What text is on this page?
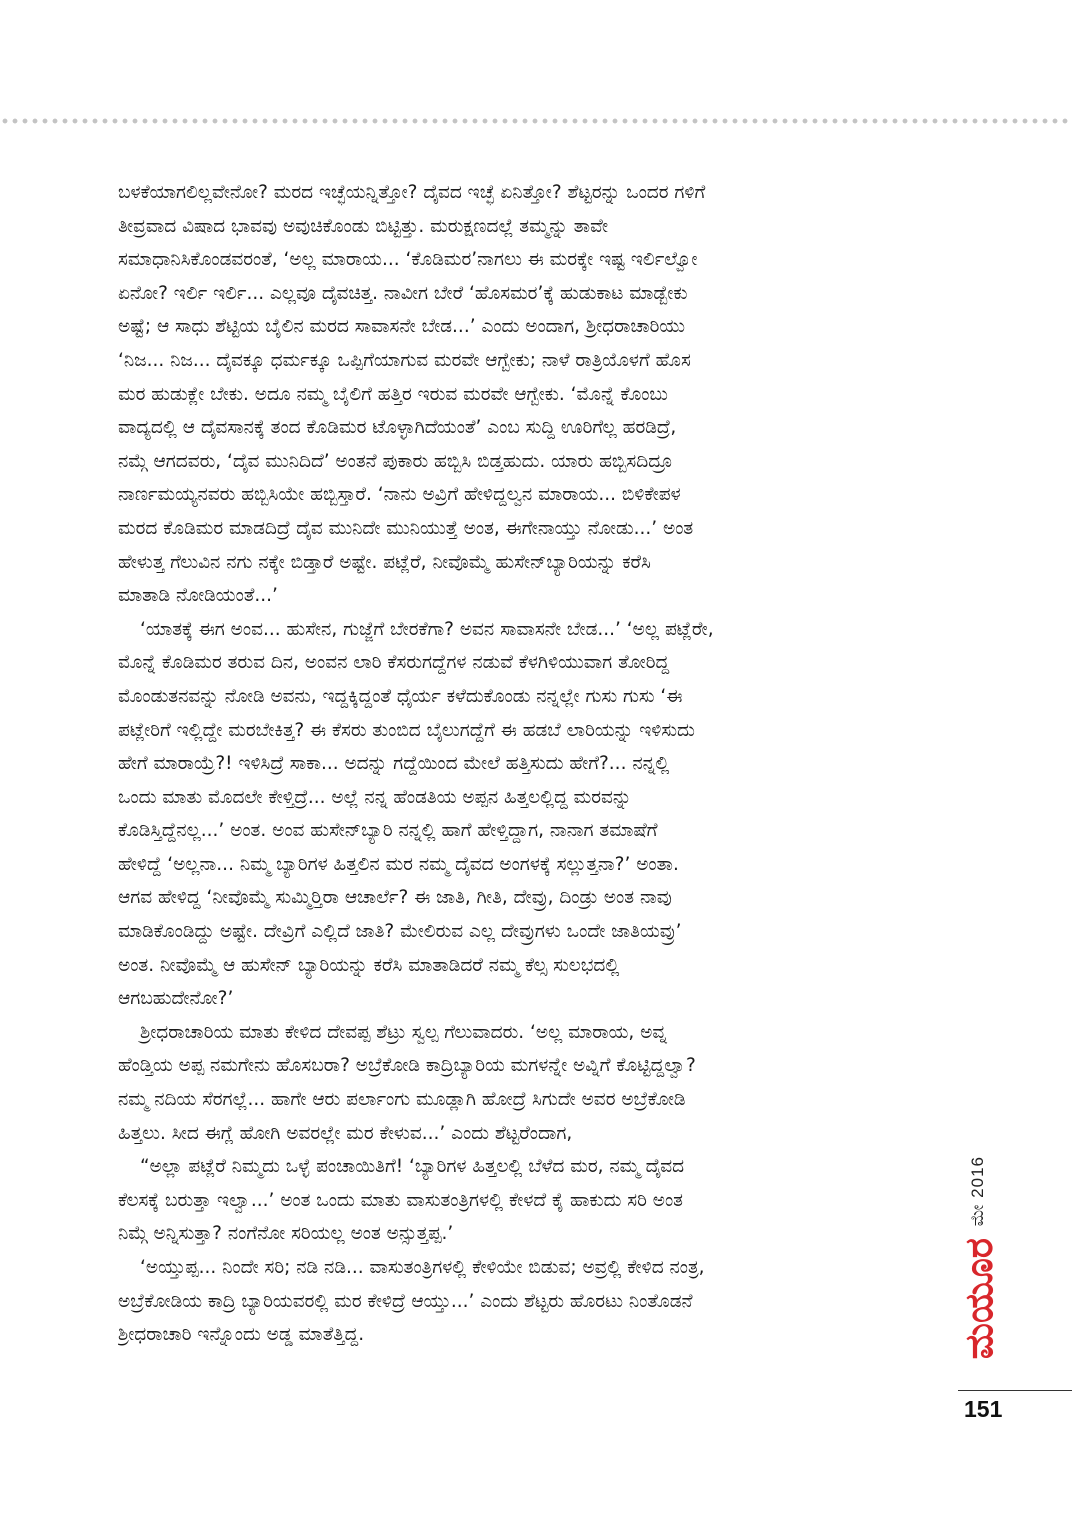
ಬಳಕೆಯಾಗಲಿಲ್ಲವೇನೋ? ಮರದ ಇಚ್ಛೆಯನ್ನಿತ್ತೋ? ದೈವದ ಇಚ್ಛೆ ಏನಿತ್ತೋ? ಶೆಟ್ಟರನ್ನು ಒಂದರ ಗಳಿಗೆ
ತೀವ್ರವಾದ ವಿಷಾದ ಭಾವವು ಅವುಚಿಕೊಂಡು ಬಿಟ್ಟಿತ್ತು. ಮರುಕ್ಷಣದಲ್ಲೆ ತಮ್ಮನ್ನು ತಾವೇ
ಸಮಾಧಾನಿಸಿಕೊಂಡವರಂತೆ, ‘ಅಲ್ಲ ಮಾರಾಯ... ‘ಕೊಡಿಮರ’ನಾಗಲು ಈ ಮರಕ್ಕೇ ಇಷ್ಟ ಇರ್ಲಿಲ್ವೋ
ಏನೋ? ಇರ್ಲಿ ಇರ್ಲಿ... ಎಲ್ಲವೂ ದೈವಚಿತ್ತ. ನಾವೀಗ ಬೇರೆ ‘ಹೊಸಮರ’ಕ್ಕೆ ಹುಡುಕಾಟ ಮಾಡ್ಬೇಕು
ಅಷ್ಟೆ; ಆ ಸಾಧು ಶೆಟ್ಟಿಯ ಬೈಲಿನ ಮರದ ಸಾವಾಸನೇ ಬೇಡ...’ ಎಂದು ಅಂದಾಗ, ಶ್ರೀಧರಾಚಾರಿಯು
‘ನಿಜ... ನಿಜ... ದೈವಕ್ಕೂ ಧರ್ಮಕ್ಕೂ ಒಪ್ಪಿಗೆಯಾಗುವ ಮರವೇ ಆಗ್ಬೇಕು; ನಾಳೆ ರಾತ್ರಿಯೊಳಗೆ ಹೊಸ
ಮರ ಹುಡುಕ್ಲೇ ಬೇಕು. ಅದೂ ನಮ್ಮ ಬೈಲಿಗೆ ಹತ್ತಿರ ಇರುವ ಮರವೇ ಆಗ್ಬೇಕು. ‘ಮೊನ್ನೆ ಕೊಂಬು
ವಾದ್ಯದಲ್ಲಿ ಆ ದೈವಸಾನಕ್ಕೆ ತಂದ ಕೊಡಿಮರ ಟೊಳ್ಳಾಗಿದೆಯಂತೆ’ ಎಂಬ ಸುದ್ದಿ ಊರಿಗೆಲ್ಲ ಹರಡಿದ್ರೆ,
ನಮ್ಗೆ ಆಗದವರು, ‘ದೈವ ಮುನಿದಿದೆ’ ಅಂತನೆ ಪುಕಾರು ಹಬ್ಬಿಸಿ ಬಿಡ್ತಹುದು. ಯಾರು ಹಬ್ಬಿಸದಿದ್ರೂ
ನಾರ್ಣಮಯ್ಯನವರು ಹಬ್ಬಿಸಿಯೇ ಹಬ್ಬಿಸ್ತಾರೆ. ‘ನಾನು ಅವ್ರಿಗೆ ಹೇಳಿದ್ದಲ್ವನ ಮಾರಾಯ... ಬಿಳಿಕೇಪಳ
ಮರದ ಕೊಡಿಮರ ಮಾಡದಿದ್ರೆ ದೈವ ಮುನಿದೇ ಮುನಿಯುತ್ತೆ ಅಂತ, ಈಗೇನಾಯ್ತು ನೋಡು...’ ಅಂತ
ಹೇಳುತ್ತ ಗೆಲುವಿನ ನಗು ನಕ್ಕೇ ಬಿಡ್ತಾರೆ ಅಷ್ಟೇ. ಪಟ್ಲೆರೆ, ನೀವೊಮ್ಮೆ ಹುಸೇನ್‌ಬ್ಯಾರಿಯನ್ನು ಕರೆಸಿ
ಮಾತಾಡಿ ನೋಡಿಯಂತೆ...’
‘ಯಾತಕ್ಕೆ ಈಗ ಅಂವ... ಹುಸೇನ, ಗುಜ್ಜೆಗೆ ಬೇರಕೆಗಾ? ಅವನ ಸಾವಾಸನೇ ಬೇಡ...’ ‘ಅಲ್ಲ ಪಟ್ಲೆರೇ,
ಮೊನ್ನೆ ಕೊಡಿಮರ ತರುವ ದಿನ, ಅಂವನ ಲಾರಿ ಕೆಸರುಗದ್ದೆಗಳ ನಡುವೆ ಕೆಳಗಿಳಿಯುವಾಗ ತೋರಿದ್ದ
ಮೊಂಡುತನವನ್ನು ನೋಡಿ ಅವನು, ಇದ್ದಕ್ಕಿದ್ದಂತೆ ಧೈರ್ಯ ಕಳೆದುಕೊಂಡು ನನ್ನಲ್ಲೇ ಗುಸು ಗುಸು ‘ಈ
ಪಟ್ಲೇರಿಗೆ ಇಲ್ಲಿದ್ದೇ ಮರಬೇಕಿತ್ತ? ಈ ಕೆಸರು ತುಂಬಿದ ಬೈಲುಗದ್ದೆಗೆ ಈ ಹಡಬೆ ಲಾರಿಯನ್ನು ಇಳಿಸುದು
ಹೇಗೆ ಮಾರಾಯ್ರೆ?! ಇಳಿಸಿದ್ರೆ ಸಾಕಾ... ಅದನ್ನು ಗದ್ದೆಯಿಂದ ಮೇಲೆ ಹತ್ತಿಸುದು ಹೇಗೆ?... ನನ್ನಲ್ಲಿ
ಒಂದು ಮಾತು ಮೊದಲೇ ಕೇಳ್ತಿದ್ರೆ... ಅಲ್ಲೆ ನನ್ನ ಹೆಂಡತಿಯ ಅಪ್ಪನ ಹಿತ್ತಲಲ್ಲಿದ್ದ ಮರವನ್ನು
ಕೊಡಿಸ್ತಿದ್ದೆನಲ್ಲ...’ ಅಂತ. ಅಂವ ಹುಸೇನ್‌ಬ್ಯಾರಿ ನನ್ನಲ್ಲಿ ಹಾಗೆ ಹೇಳ್ತಿದ್ದಾಗ, ನಾನಾಗ ತಮಾಷೆಗೆ
ಹೇಳಿದ್ದೆ ‘ಅಲ್ಲನಾ... ನಿಮ್ಮ ಬ್ಯಾರಿಗಳ ಹಿತ್ತಲಿನ ಮರ ನಮ್ಮ ದೈವದ ಅಂಗಳಕ್ಕೆ ಸಲ್ಲುತ್ತನಾ?’ ಅಂತಾ.
ಆಗವ ಹೇಳಿದ್ದ ‘ನೀವೊಮ್ಮೆ ಸುಮ್ಮಿರ್‍ತಿರಾ ಆಚಾರ್ಲೆ? ಈ ಜಾತಿ, ಗೀತಿ, ದೇವ್ರು, ದಿಂಡ್ರು ಅಂತ ನಾವು
ಮಾಡಿಕೊಂಡಿದ್ದು ಅಷ್ಟೇ. ದೇವ್ರಿಗೆ ಎಲ್ಲಿದೆ ಜಾತಿ? ಮೇಲಿರುವ ಎಲ್ಲ ದೇವ್ರುಗಳು ಒಂದೇ ಜಾತಿಯವ್ರು’
ಅಂತ. ನೀವೊಮ್ಮೆ ಆ ಹುಸೇನ್ ಬ್ಯಾರಿಯನ್ನು ಕರೆಸಿ ಮಾತಾಡಿದರೆ ನಮ್ಮ ಕೆಲ್ಸ ಸುಲಭದಲ್ಲಿ
ಆಗಬಹುದೇನೋ?’
ಶ್ರೀಧರಾಚಾರಿಯ ಮಾತು ಕೇಳಿದ ದೇವಪ್ಪ ಶೆಟ್ರು ಸ್ವಲ್ಪ ಗೆಲುವಾದರು. ‘ಅಲ್ಲ ಮಾರಾಯ, ಅವ್ನ
ಹೆಂಡ್ತಿಯ ಅಪ್ಪ ನಮಗೇನು ಹೊಸಬರಾ? ಅಬ್ರೆಕೋಡಿ ಕಾದ್ರಿಬ್ಯಾರಿಯ ಮಗಳನ್ನೇ ಅವ್ನಿಗೆ ಕೊಟ್ಟಿದ್ದಲ್ವಾ?
ನಮ್ಮ ನದಿಯ ಸೆರಗಲ್ಲೆ... ಹಾಗೇ ಆರು ಪರ್ಲಾಂಗು ಮೂಡ್ಲಾಗಿ ಹೋದ್ರೆ ಸಿಗುದೇ ಅವರ ಅಬ್ರೆಕೋಡಿ
ಹಿತ್ತಲು. ಸೀದ ಈಗ್ಲೆ ಹೋಗಿ ಅವರಲ್ಲೇ ಮರ ಕೇಳುವ...’ ಎಂದು ಶೆಟ್ಟರೆಂದಾಗ,
“ಅಲ್ಲಾ ಪಟ್ಲೆರೆ ನಿಮ್ಮದು ಒಳ್ಳೆ ಪಂಚಾಯಿತಿಗೆ! ‘ಬ್ಯಾರಿಗಳ ಹಿತ್ತಲಲ್ಲಿ ಬೆಳೆದ ಮರ, ನಮ್ಮ ದೈವದ
ಕೆಲಸಕ್ಕೆ ಬರುತ್ತಾ ಇಲ್ವಾ...’ ಅಂತ ಒಂದು ಮಾತು ವಾಸುತಂತ್ರಿಗಳಲ್ಲಿ ಕೇಳದೆ ಕೈ ಹಾಕುದು ಸರಿ ಅಂತ
ನಿಮ್ಗೆ ಅನ್ನಿಸುತ್ತಾ? ನಂಗೆನೋ ಸರಿಯಲ್ಲ ಅಂತ ಅನ್ಸುತ್ತಪ್ಪ.’
‘ಅಯ್ತುಪ್ಪ... ನಿಂದೇ ಸರಿ; ನಡಿ ನಡಿ... ವಾಸುತಂತ್ರಿಗಳಲ್ಲಿ ಕೇಳಿಯೇ ಬಿಡುವ; ಅವ್ರಲ್ಲಿ ಕೇಳಿದ ನಂತ್ರ,
ಅಬ್ರೆಕೋಡಿಯ ಕಾದ್ರಿ ಬ್ಯಾರಿಯವರಲ್ಲಿ ಮರ ಕೇಳಿದ್ರೆ ಆಯ್ತು...’ ಎಂದು ಶೆಟ್ಟರು ಹೊರಟು ನಿಂತೊಡನೆ
ಶ್ರೀಧರಾಚಾರಿ ಇನ್ನೊಂದು ಅಡ್ಡ ಮಾತೆತ್ತಿದ್ದ.
ಮೇ 2016
ಮಯೂರ
151
